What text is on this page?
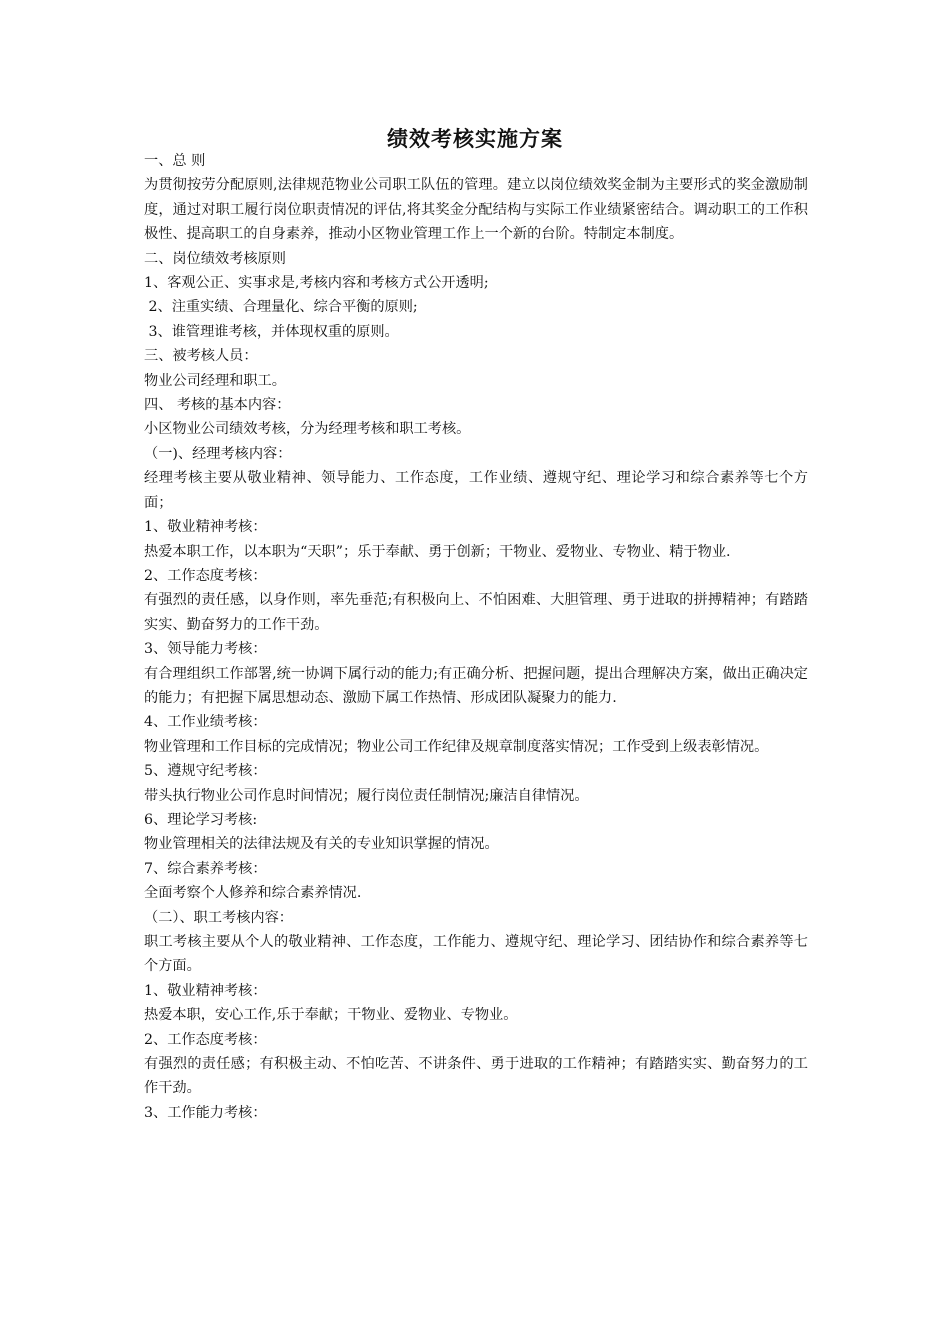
绩效考核实施方案

一、总 则

为贯彻按劳分配原则,法律规范物业公司职工队伍的管理。建立以岗位绩效奖金制为主要形式的奖金激励制度，通过对职工履行岗位职责情况的评估,将其奖金分配结构与实际工作业绩紧密结合。调动职工的工作积极性、提高职工的自身素养，推动小区物业管理工作上一个新的台阶。特制定本制度。

二、岗位绩效考核原则

1、客观公正、实事求是,考核内容和考核方式公开透明;

2、注重实绩、合理量化、综合平衡的原则;

3、谁管理谁考核，并体现权重的原则。

三、被考核人员：

物业公司经理和职工。

四、 考核的基本内容：

小区物业公司绩效考核，分为经理考核和职工考核。

（一)、经理考核内容：

经理考核主要从敬业精神、领导能力、工作态度，工作业绩、遵规守纪、理论学习和综合素养等七个方面；

1、敬业精神考核：

热爱本职工作，以本职为“天职”；乐于奉献、勇于创新；干物业、爱物业、专物业、精于物业.

2、工作态度考核：

有强烈的责任感，以身作则，率先垂范;有积极向上、不怕困难、大胆管理、勇于进取的拼搏精神；有踏踏实实、勤奋努力的工作干劲。

3、领导能力考核：

有合理组织工作部署,统一协调下属行动的能力;有正确分析、把握问题，提出合理解决方案，做出正确决定的能力；有把握下属思想动态、激励下属工作热情、形成团队凝聚力的能力.

4、工作业绩考核：

物业管理和工作目标的完成情况；物业公司工作纪律及规章制度落实情况；工作受到上级表彰情况。

5、遵规守纪考核：

带头执行物业公司作息时间情况；履行岗位责任制情况;廉洁自律情况。

6、理论学习考核:

物业管理相关的法律法规及有关的专业知识掌握的情况。

7、综合素养考核：

全面考察个人修养和综合素养情况.

（二）、职工考核内容：

职工考核主要从个人的敬业精神、工作态度，工作能力、遵规守纪、理论学习、团结协作和综合素养等七个方面。

1、敬业精神考核：

热爱本职，安心工作,乐于奉献；干物业、爱物业、专物业。

2、工作态度考核：

有强烈的责任感；有积极主动、不怕吃苦、不讲条件、勇于进取的工作精神；有踏踏实实、勤奋努力的工作干劲。

3、工作能力考核：
